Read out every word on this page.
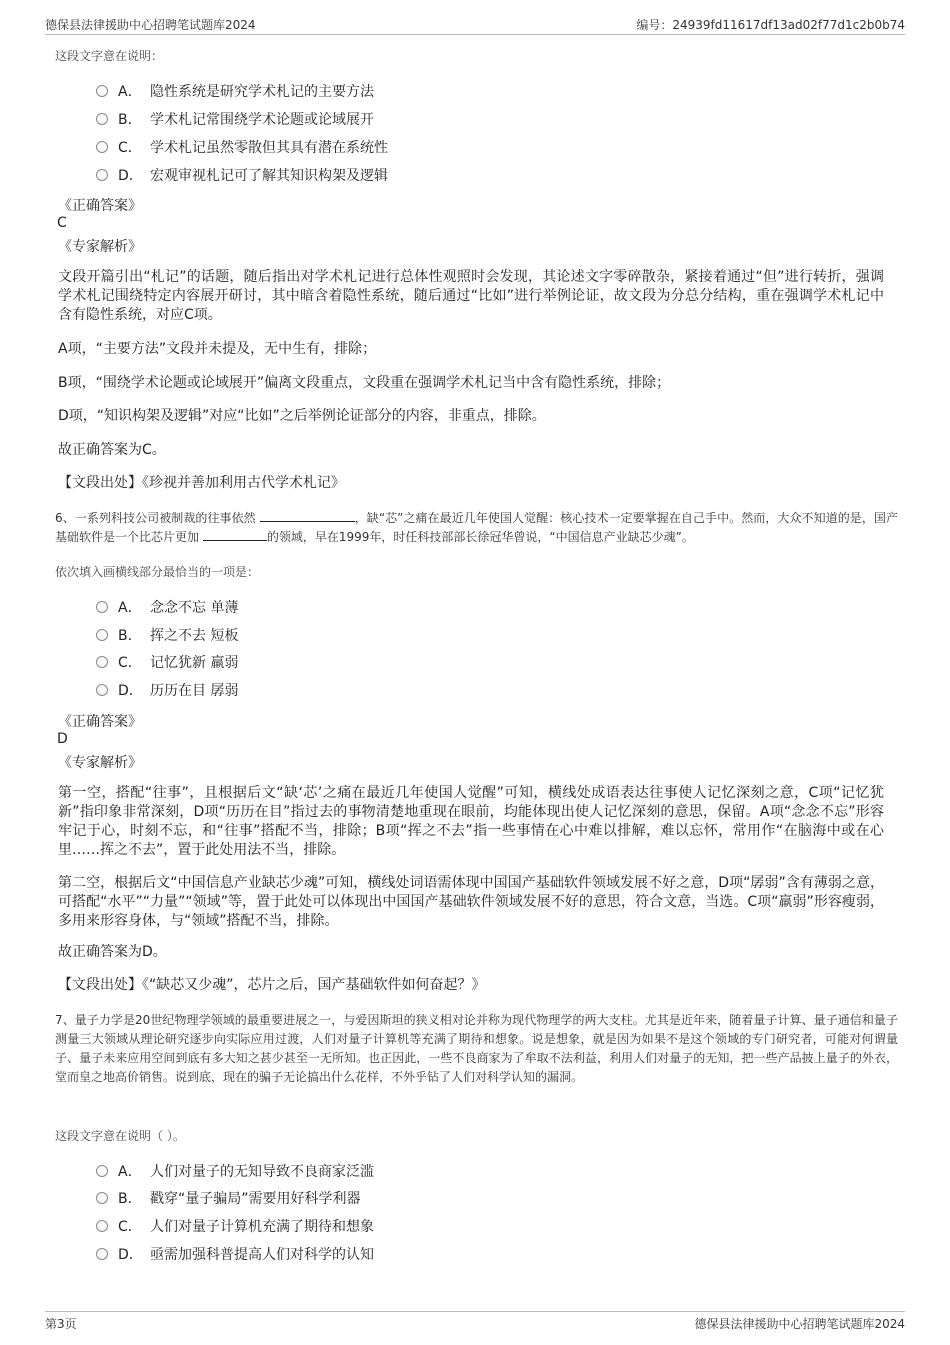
德保县法律援助中心招聘笔试题库2024	编号：24939fd11617df13ad02f77d1c2b0b74
这段文字意在说明：
A． 隐性系统是研究学术札记的主要方法
B． 学术札记常围绕学术论题或论域展开
C． 学术札记虽然零散但其具有潜在系统性
D． 宏观审视札记可了解其知识构架及逻辑
《正确答案》
C
《专家解析》
文段开篇引出“札记”的话题，随后指出对学术札记进行总体性观照时会发现，其论述文字零碎散杂，紧接着通过“但”进行转折，强调学术札记围绕特定内容展开研讨，其中暗含着隐性系统，随后通过“比如”进行举例论证，故文段为分总分结构，重在强调学术札记中含有隐性系统，对应C项。
A项，“主要方法”文段并未提及，无中生有，排除；
B项，“围绕学术论题或论域展开”偏离文段重点，文段重在强调学术札记当中含有隐性系统，排除；
D项，“知识构架及逻辑”对应“比如”之后举例论证部分的内容，非重点，排除。
故正确答案为C。
【文段出处】《珍视并善加利用古代学术札记》
6、一系列科技公司被制裁的往事依然	，缺“芯”之痛在最近几年使国人觉醒：核心技术一定要掌握在自己手中。然而，大众不知道的是，国产基础软件是一个比芯片更加	的领域，早在1999年，时任科技部部长徐冠华曾说，“中国信息产业缺芯少魂”。
依次填入画横线部分最恰当的一项是：
A． 念念不忘 单薄
B． 挥之不去 短板
C． 记忆犹新 羸弱
D． 历历在目 孱弱
《正确答案》
D
《专家解析》
第一空，搭配“往事”，且根据后文“缺‘芯’之痛在最近几年使国人觉醒”可知，横线处成语表达往事使人记忆深刻之意，C项“记忆犹新”指印象非常深刻，D项“历历在目”指过去的事物清楚地重现在眼前，均能体现出使人记忆深刻的意思，保留。A项“念念不忘”形容牢记于心，时刻不忘，和“往事”搭配不当，排除；B项“挥之不去”指一些事情在心中难以排解，难以忘怀，常用作“在脑海中或在心里……挥之不去”，置于此处用法不当，排除。
第二空，根据后文“中国信息产业缺芯少魂”可知，横线处词语需体现中国国产基础软件领域发展不好之意，D项“孱弱”含有薄弱之意，可搭配“水平”“力量”“领域”等，置于此处可以体现出中国国产基础软件领域发展不好的意思，符合文意，当选。C项“羸弱”形容瘦弱，多用来形容身体，与“领域”搭配不当，排除。
故正确答案为D。
【文段出处】《“缺芯又少魂”，芯片之后，国产基础软件如何奋起？》
7、量子力学是20世纪物理学领域的最重要进展之一，与爱因斯坦的狭义相对论并称为现代物理学的两大支柱。尤其是近年来，随着量子计算、量子通信和量子测量三大领域从理论研究逐步向实际应用过渡，人们对量子计算机等充满了期待和想象。说是想象，就是因为如果不是这个领域的专门研究者，可能对何谓量子、量子未来应用空间到底有多大知之甚少甚至一无所知。也正因此，一些不良商家为了牟取不法利益，利用人们对量子的无知，把一些产品披上量子的外衣，堂而皇之地高价销售。说到底，现在的骗子无论搞出什么花样，不外乎钻了人们对科学认知的漏洞。
这段文字意在说明（ ）。
A． 人们对量子的无知导致不良商家泛滥
B． 戳穿“量子骗局”需要用好科学利器
C． 人们对量子计算机充满了期待和想象
D． 亟需加强科普提高人们对科学的认知
第3页	德保县法律援助中心招聘笔试题库2024
